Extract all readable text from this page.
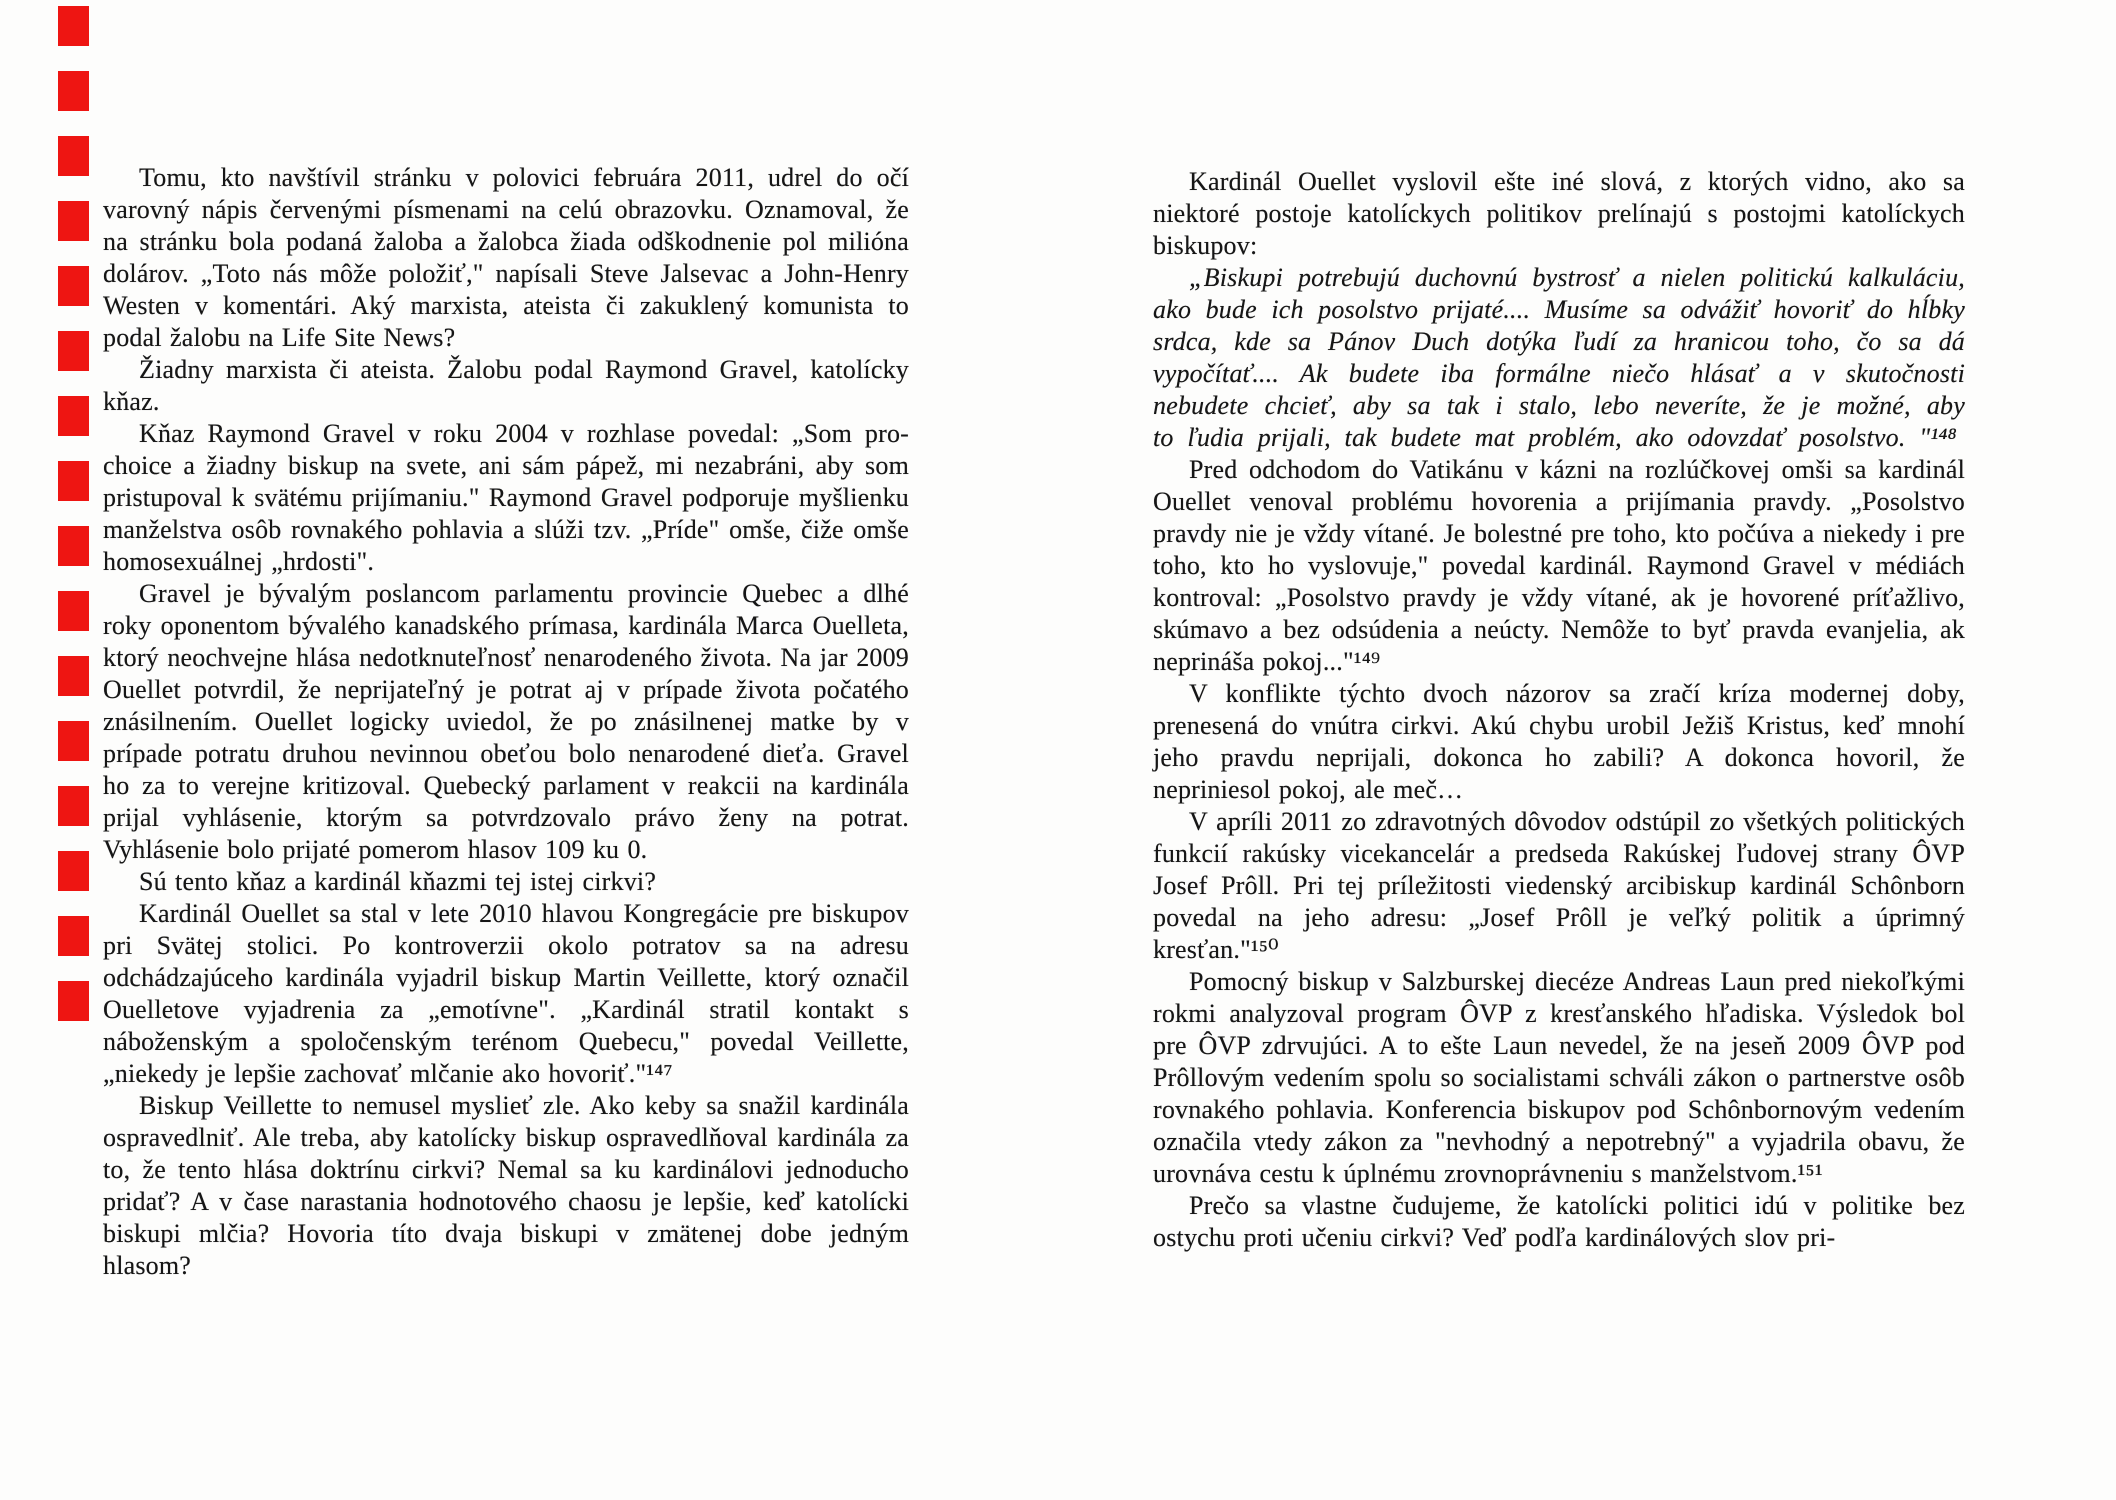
Tomu, kto navštívil stránku v polovici februára 2011, udrel do očí varovný nápis červenými písmenami na celú obrazovku. Oznamoval, že na stránku bola podaná žaloba a žalobca žiada odškodnenie pol milióna dolárov. „Toto nás môže položiť," napísali Steve Jalsevac a John-Henry Westen v komentári. Aký marxista, ateista či zakuklený komunista to podal žalobu na Life Site News?

Žiadny marxista či ateista. Žalobu podal Raymond Gravel, katolícky kňaz.

Kňaz Raymond Gravel v roku 2004 v rozhlase povedal: „Som pro-choice a žiadny biskup na svete, ani sám pápež, mi nezabráni, aby som pristupoval k svätému prijímaniu." Raymond Gravel podporuje myšlienku manželstva osôb rovnakého pohlavia a slúži tzv. „Príde" omše, čiže omše homosexuálnej „hrdosti".

Gravel je bývalým poslancom parlamentu provincie Quebec a dlhé roky oponentom bývalého kanadského prímasa, kardinála Marca Ouelleta, ktorý neochvejne hlása nedotknuteľnosť nenarodeného života. Na jar 2009 Ouellet potvrdil, že neprijateľný je potrat aj v prípade života počatého znásilnením. Ouellet logicky uviedol, že po znásilnenej matke by v prípade potratu druhou nevinnou obeťou bolo nenarodené dieťa. Gravel ho za to verejne kritizoval. Quebecký parlament v reakcii na kardinála prijal vyhlásenie, ktorým sa potvrdzovalo právo ženy na potrat. Vyhlásenie bolo prijaté pomerom hlasov 109 ku 0.

Sú tento kňaz a kardinál kňazmi tej istej cirkvi?

Kardinál Ouellet sa stal v lete 2010 hlavou Kongregácie pre biskupov pri Svätej stolici. Po kontroverzii okolo potratov sa na adresu odchádzajúceho kardinála vyjadril biskup Martin Veillette, ktorý označil Ouelletove vyjadrenia za „emotívne". „Kardinál stratil kontakt s náboženským a spoločenským terénom Quebecu," povedal Veillette, „niekedy je lepšie zachovať mlčanie ako hovoriť."¹⁴⁷

Biskup Veillette to nemusel myslieť zle. Ako keby sa snažil kardinála ospravedlniť. Ale treba, aby katolícky biskup ospravedlňoval kardinála za to, že tento hlása doktrínu cirkvi? Nemal sa ku kardinálovi jednoducho pridať? A v čase narastania hodnotového chaosu je lepšie, keď katolícki biskupi mlčia? Hovoria títo dvaja biskupi v zmätenej dobe jedným hlasom?

Kardinál Ouellet vyslovil ešte iné slová, z ktorých vidno, ako sa niektoré postoje katolíckych politikov prelínajú s postojmi katolíckych biskupov:

„Biskupi potrebujú duchovnú bystrosť a nielen politickú kalkuláciu, ako bude ich posolstvo prijaté.... Musíme sa odvážiť hovoriť do hĺbky srdca, kde sa Pánov Duch dotýka ľudí za hranicou toho, čo sa dá vypočítať.... Ak budete iba formálne niečo hlásať a v skutočnosti nebudete chcieť, aby sa tak i stalo, lebo neveríte, že je možné, aby to ľudia prijali, tak budete mat problém, ako odovzdať posolstvo. "¹⁴⁸

Pred odchodom do Vatikánu v kázni na rozlúčkovej omši sa kardinál Ouellet venoval problému hovorenia a prijímania pravdy. „Posolstvo pravdy nie je vždy vítané. Je bolestné pre toho, kto počúva a niekedy i pre toho, kto ho vyslovuje," povedal kardinál. Raymond Gravel v médiách kontroval: „Posolstvo pravdy je vždy vítané, ak je hovorené príťažlivo, skúmavo a bez odsúdenia a neúcty. Nemôže to byť pravda evanjelia, ak neprináša pokoj..."¹⁴⁹

V konflikte týchto dvoch názorov sa zračí kríza modernej doby, prenesená do vnútra cirkvi. Akú chybu urobil Ježiš Kristus, keď mnohí jeho pravdu neprijali, dokonca ho zabili? A dokonca hovoril, že nepriniesol pokoj, ale meč…

V apríli 2011 zo zdravotných dôvodov odstúpil zo všetkých politických funkcií rakúsky vicekancelár a predseda Rakúskej ľudovej strany ÔVP Josef Prôll. Pri tej príležitosti viedenský arcibiskup kardinál Schônborn povedal na jeho adresu: „Josef Prôll je veľký politik a úprimný kresťan."¹⁵⁰

Pomocný biskup v Salzburskej diecéze Andreas Laun pred niekoľkými rokmi analyzoval program ÔVP z kresťanského hľadiska. Výsledok bol pre ÔVP zdrvujúci. A to ešte Laun nevedel, že na jeseň 2009 ÔVP pod Prôllovým vedením spolu so socialistami schváli zákon o partnerstve osôb rovnakého pohlavia. Konferencia biskupov pod Schônbornovým vedením označila vtedy zákon za "nevhodný a nepotrebný" a vyjadrila obavu, že urovnáva cestu k úplnému zrovnoprávneniu s manželstvom.¹⁵¹

Prečo sa vlastne čudujeme, že katolícki politici idú v politike bez ostychu proti učeniu cirkvi? Veď podľa kardinálových slov pri-
